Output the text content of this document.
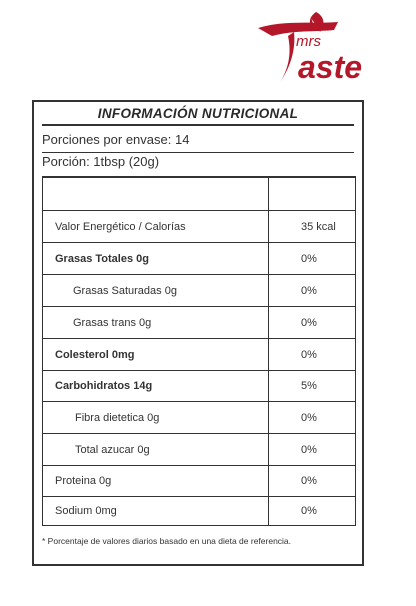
mrs
aste
INFORMACIÓN NUTRICIONAL
Porciones por envase: 14
Porción: 1tbsp (20g)
Valor Energético / Calorías	35 kcal
Grasas Totales 0g	0%
Grasas Saturadas 0g	0%
Grasas trans 0g	0%
Colesterol 0mg	0%
Carbohidratos 14g	5%
Fibra dietetica 0g	0%
Total azucar 0g	0%
Proteina 0g	0%
Sodium 0mg	0%
* Porcentaje de valores diarios basado en una dieta de referencia.
